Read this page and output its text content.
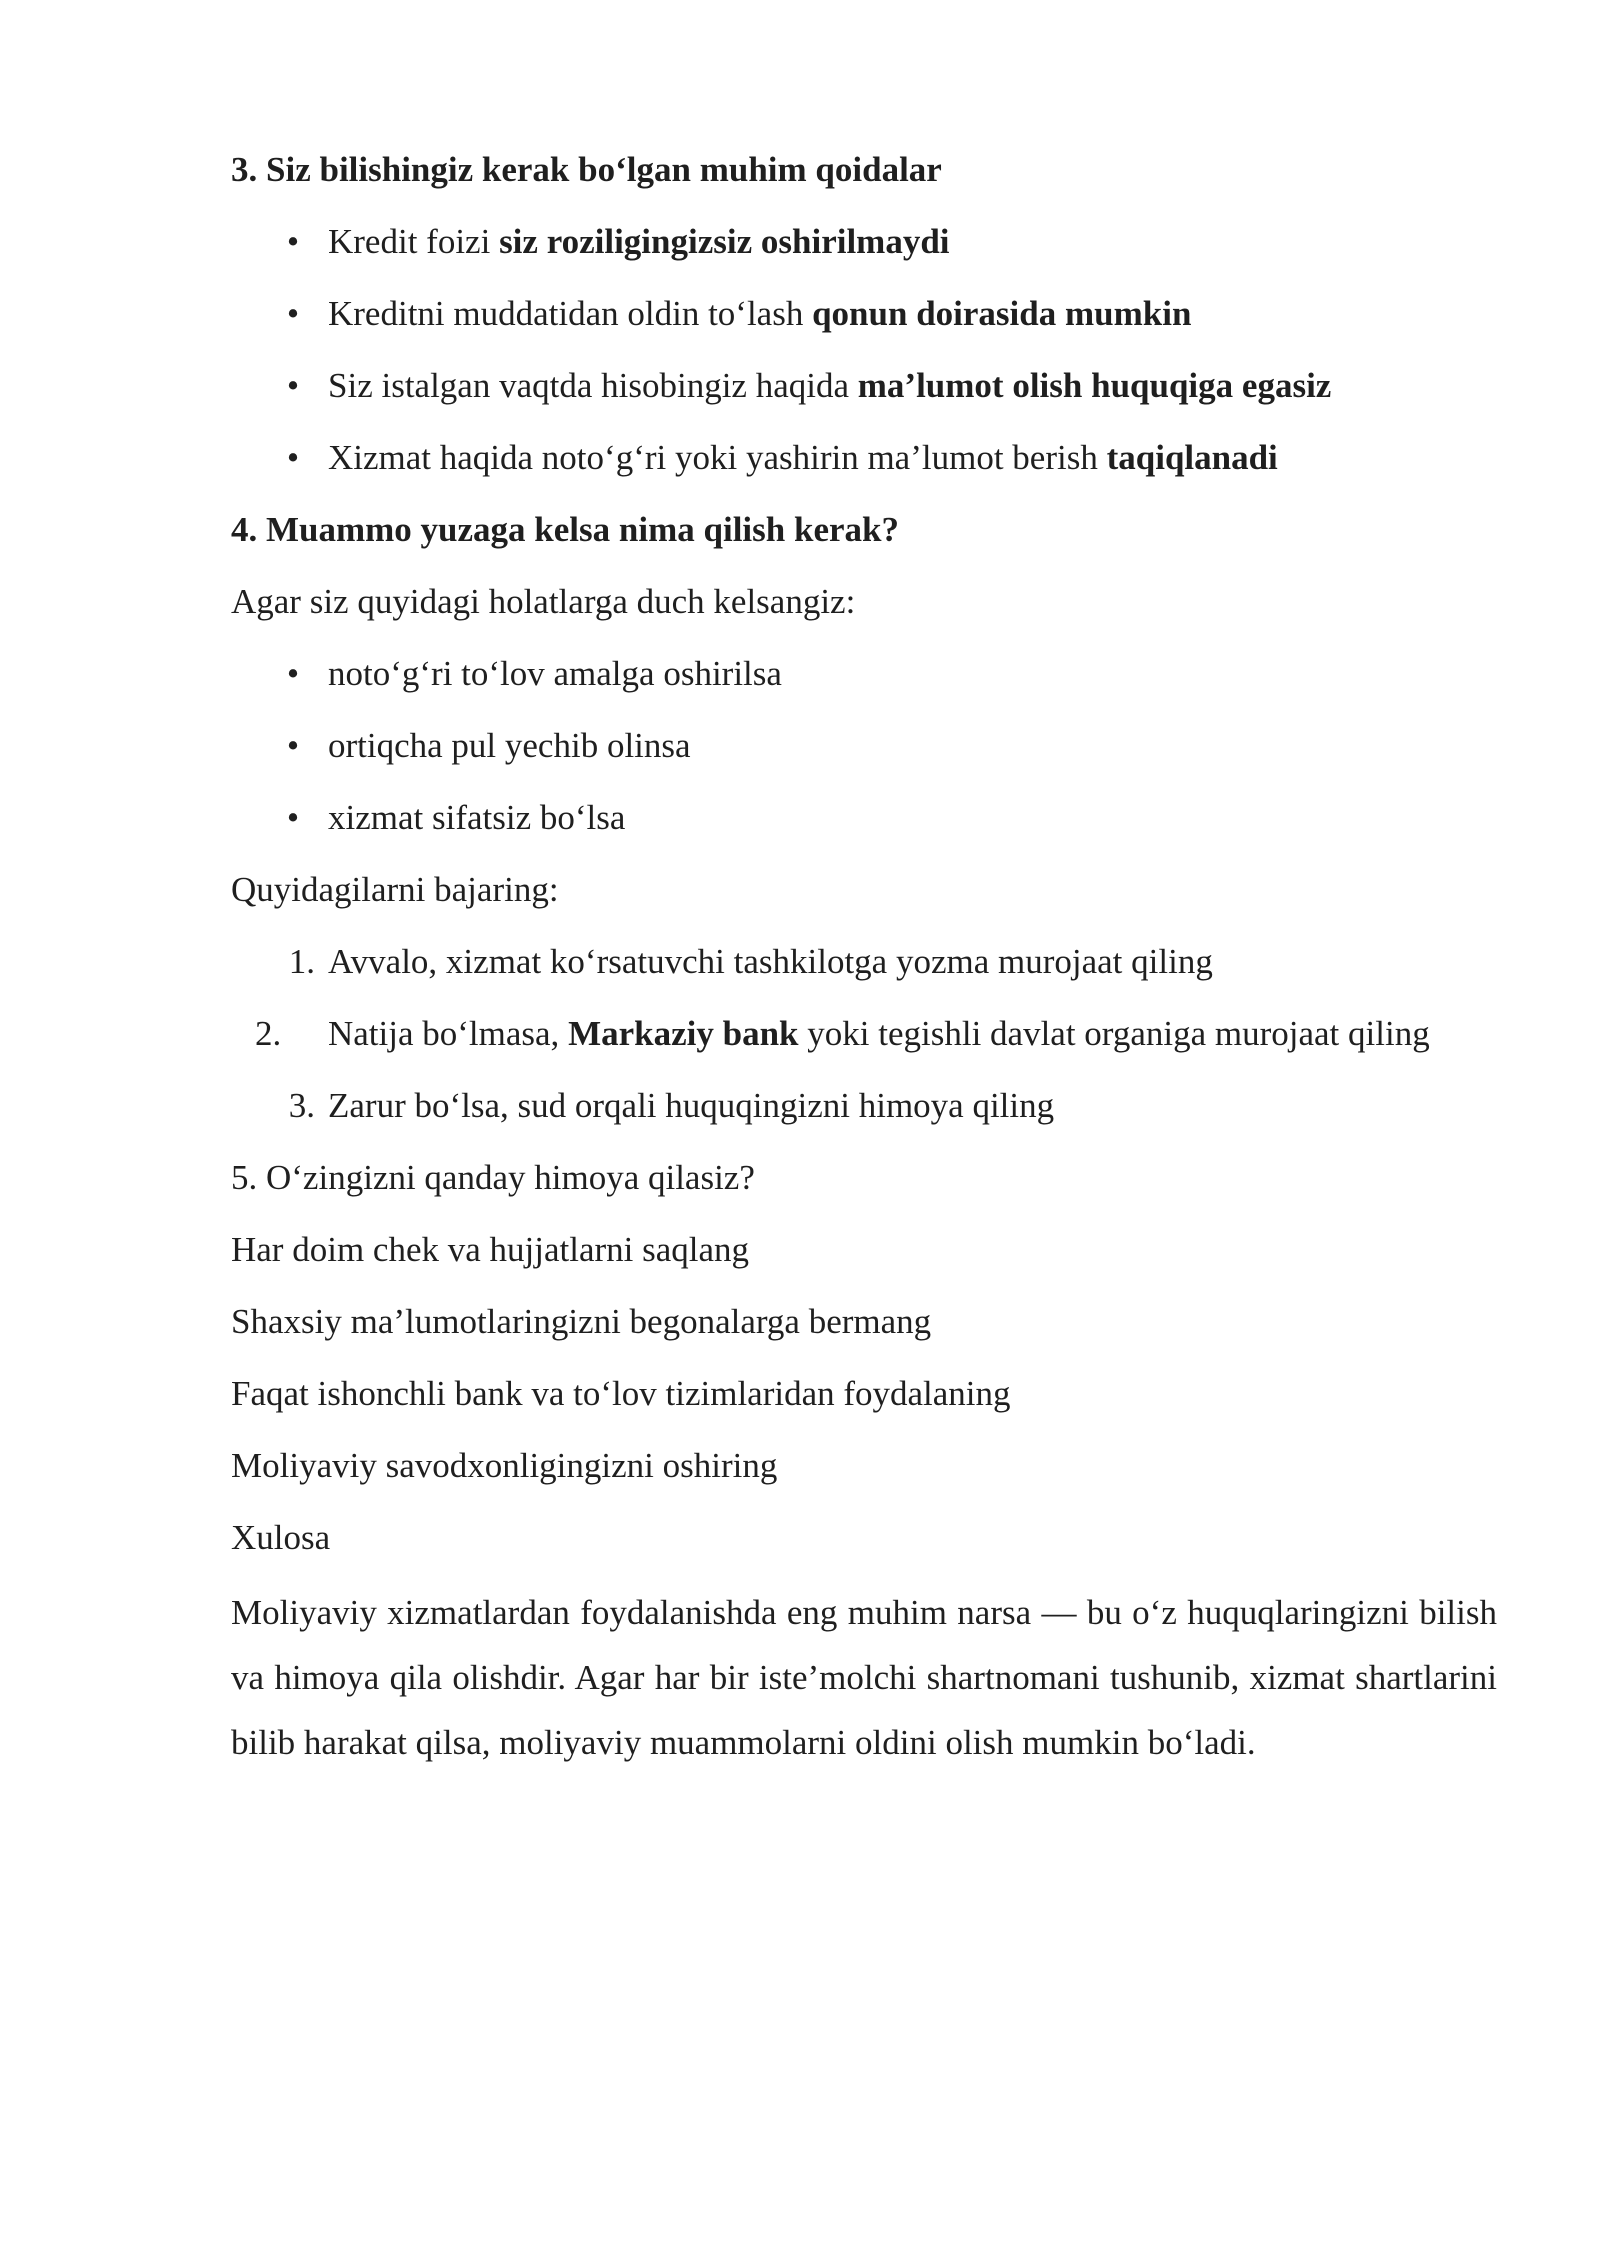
3. Siz bilishingiz kerak bo‘lgan muhim qoidalar

• Kredit foizi siz roziligingizsiz oshirilmaydi
• Kreditni muddatidan oldin to‘lash qonun doirasida mumkin
• Siz istalgan vaqtda hisobingiz haqida ma’lumot olish huquqiga egasiz
• Xizmat haqida noto‘g‘ri yoki yashirin ma’lumot berish taqiqlanadi

4. Muammo yuzaga kelsa nima qilish kerak?

Agar siz quyidagi holatlarga duch kelsangiz:

• noto‘g‘ri to‘lov amalga oshirilsa
• ortiqcha pul yechib olinsa
• xizmat sifatsiz bo‘lsa

Quyidagilarni bajaring:

1. Avvalo, xizmat ko‘rsatuvchi tashkilotga yozma murojaat qiling
2.	Natija bo‘lmasa, Markaziy bank yoki tegishli davlat organiga murojaat qiling
3. Zarur bo‘lsa, sud orqali huquqingizni himoya qiling

5. O‘zingizni qanday himoya qilasiz?

Har doim chek va hujjatlarni saqlang

Shaxsiy ma’lumotlaringizni begonalarga bermang

Faqat ishonchli bank va to‘lov tizimlaridan foydalaning

Moliyaviy savodxonligingizni oshiring

Xulosa

Moliyaviy xizmatlardan foydalanishda eng muhim narsa — bu o‘z huquqlaringizni bilish va himoya qila olishdir. Agar har bir iste’molchi shartnomani tushunib, xizmat shartlarini bilib harakat qilsa, moliyaviy muammolarni oldini olish mumkin bo‘ladi.
